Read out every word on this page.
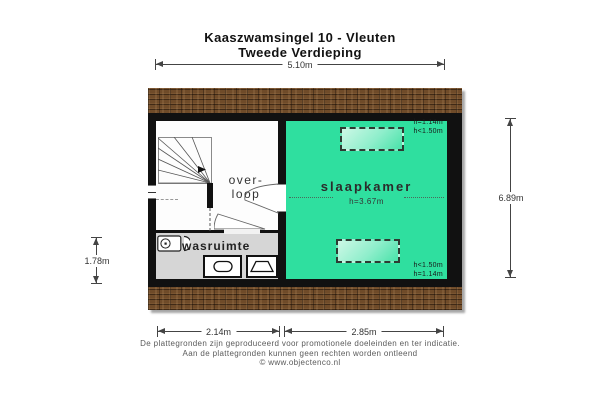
Kaaszwamsingel 10 - Vleuten
Tweede Verdieping
5.10m
over-
loop
wasruimte
slaapkamer
h=3.67m
h=1.14m
h<1.50m
h<1.50m
h=1.14m
6.89m
1.78m
2.14m	2.85m
De plattegronden zijn geproduceerd voor promotionele doeleinden en ter indicatie.
Aan de plattegronden kunnen geen rechten worden ontleend
© www.objectenco.nl
